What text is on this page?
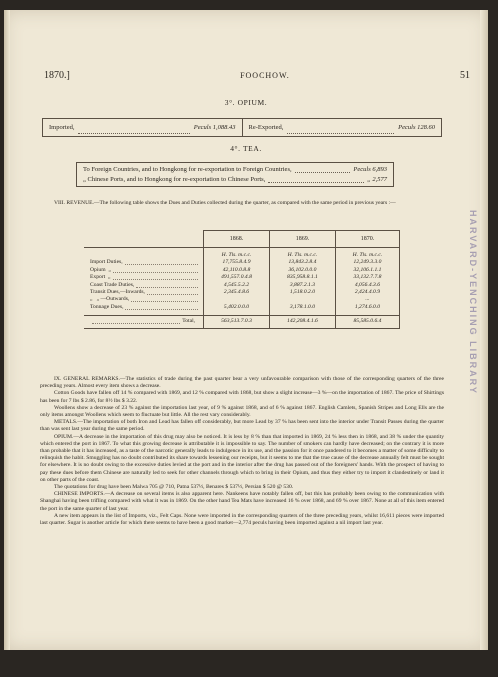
1870.]	FOOCHOW.	51
3°. OPIUM.
Imported,	Peculs 1,088.43 Re-Exported,	Peculs 128.60
4°. TEA.
To Foreign Countries, and to Hongkong for re-exportation to Foreign Countries,	Peculs 6,893
„ Chinese Ports, and to Hongkong for re-exportation to Chinese Ports,	„ 2,577

VIII. REVENUE.—The following table shows the Dues and Duties collected during the quarter, as compared with the same period in previous years :—

	1868.	1869.	1870.
	H. Tls. m.c.c.	H. Tls. m.c.c.	H. Tls. m.c.c.

Import Duties,	17,755.8.4.9	13,843.2.8.4	12,249.3.3.0

Opium  „	42,110.0.8.8	36,102.0.0.0	32,106.1.1.1

Export  „	491,557.0.4.8	835,958.8.1.1	33,132.7.7.8

Coast Trade Duties,	4,545.5.2.2	3,887.2.1.3	4,056.4.3.6

Transit Dues,—Inwards,	2,345.4.8.6	1,518.0.2.0	2,424.4.0.9

„   „ —Outwards,			...

Tonnage Dues,	5,402.0.0.0	3,178.1.0.0	1,274.6.0.0

Total,	563,513.7.0.3	142,208.4.1.6	85,585.0.6.4

IX. GENERAL REMARKS.—The statistics of trade during the past quarter bear a very unfavourable comparison with those of the corresponding quarters of the three preceding years. Almost every item shows a decrease.

Cotton Goods have fallen off 14 % compared with 1869, and 12 % compared with 1868, but show a slight increase—3 %—on the importation of 1867. The price of Shirtings has been for 7 lbs $ 2.86, for 8½ lbs $ 3.22.

Woollens show a decrease of 23 % against the importation last year, of 9 % against 1868, and of 6 % against 1867. English Camlets, Spanish Stripes and Long Ells are the only items amongst Woollens which seem to fluctuate but little. All the rest vary considerably.

METALS.—The importation of both Iron and Lead has fallen off considerably, but more Lead by 37 % has been sent into the interior under Transit Passes during the quarter than was sent last year during the same period.

OPIUM.—A decrease in the importation of this drug may also be noticed. It is less by 8 % than that imported in 1869, 24 % less then in 1868, and 38 % under the quantity which entered the port in 1867. To what this growing decrease is attributable it is impossible to say. The number of smokers can hardly have decreased; on the contrary it is more than probable that it has increased, as a taste of the narcotic generally leads to indulgence in its use, and the passion for it once pandered to it becomes a matter of some difficulty to relinquish the habit. Smuggling has no doubt contributed its share towards lessening our receipts, but it seems to me that the true cause of the decrease annually felt must be sought for elsewhere. It is no doubt owing to the excessive duties levied at the port and in the interior after the drug has passed out of the foreigners' hands. With the prospect of having to pay these dues before them Chinese are naturally led to seek for other channels through which to bring in their Opium, and thus they either try to import it clandestinely or land it on other parts of the coast.

The quotations for drug have been Malwa 705 @ 710, Patna 537½, Benares $ 537½, Persian $ 520 @ 530.

CHINESE IMPORTS.—A decrease on several items is also apparent here. Nankeens have notably fallen off, but this has probably been owing to the communication with Shanghai having been trifling compared with what it was in 1869. On the other hand Tea Mats have increased 16 % over 1868, and 69 % over 1867. None at all of this item entered the port in the same quarter of last year.

A new item appears in the list of Imports, viz., Felt Caps. None were imported in the corresponding quarters of the three preceding years, whilst 16,611 pieces were imported last quarter. Sugar is another article for which there seems to have been a good market—2,774 peculs having been imported against a nil import last year.

HARVARD-YENCHING LIBRARY
